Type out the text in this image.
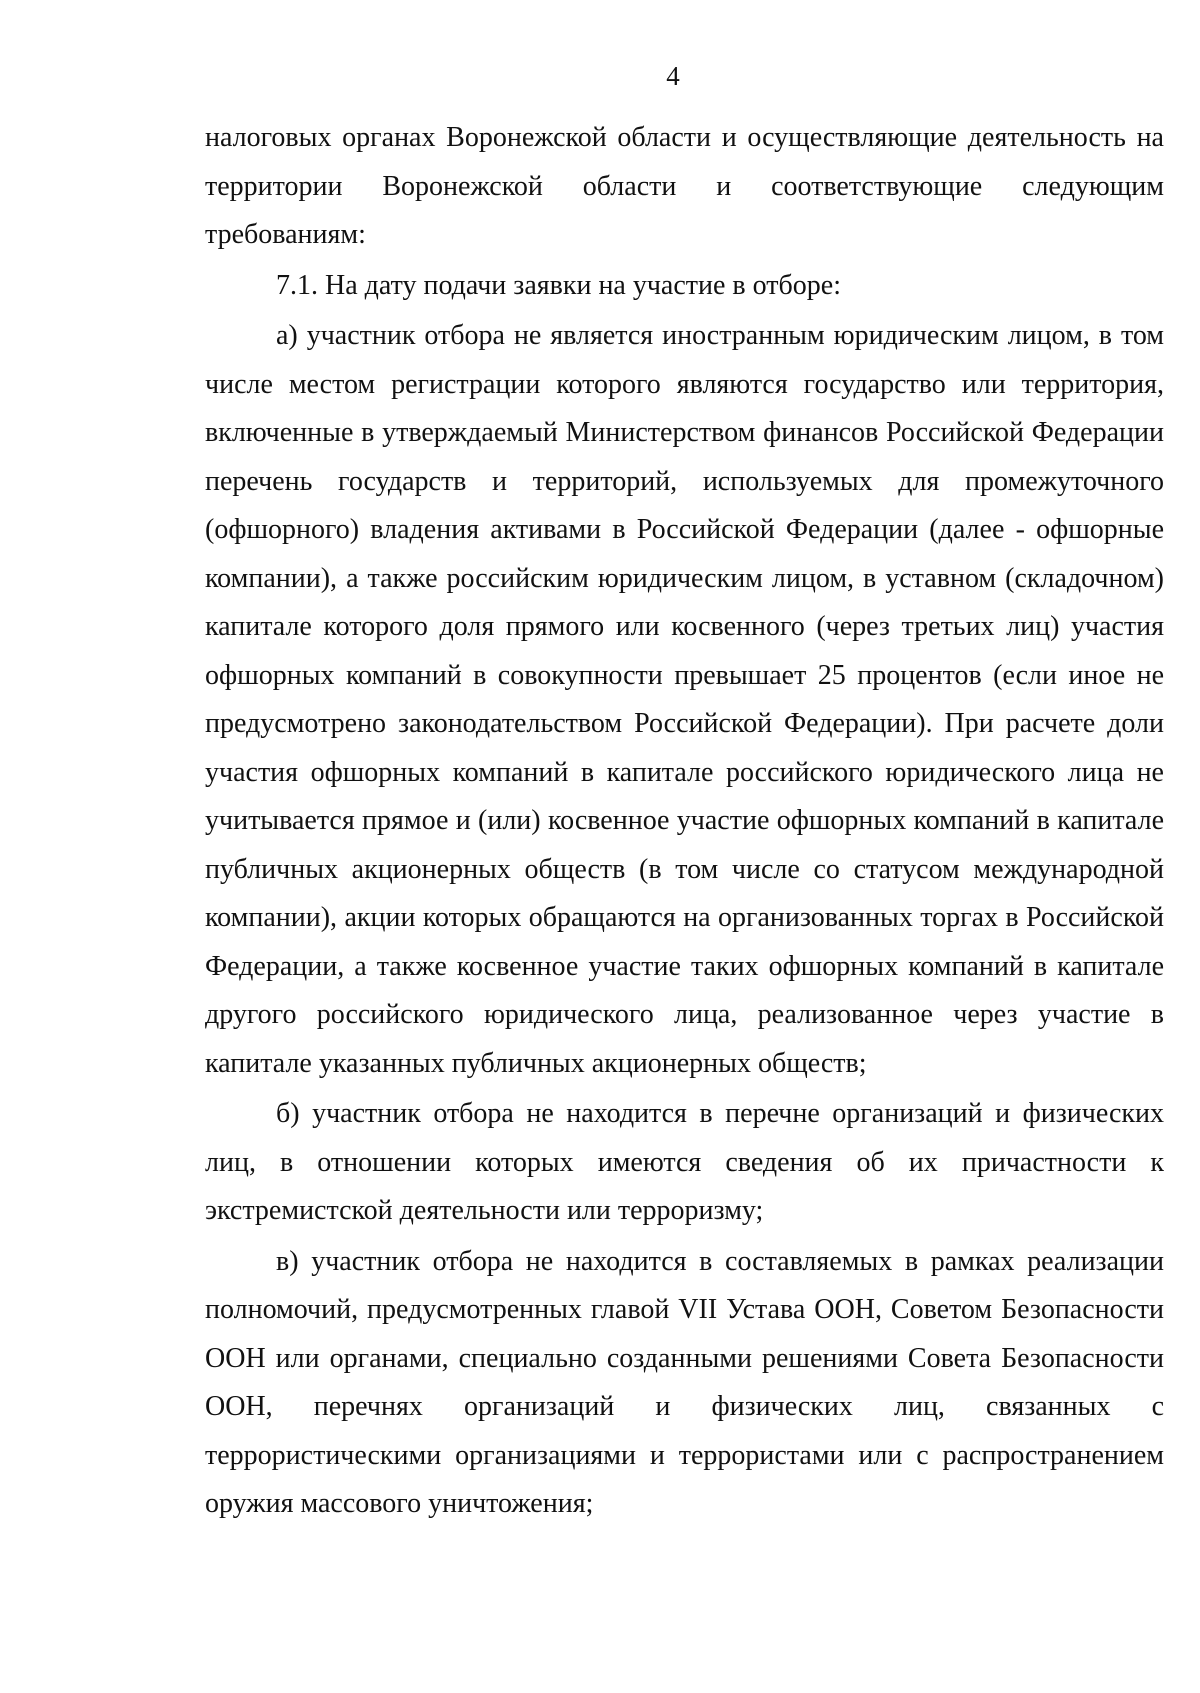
4

налоговых органах Воронежской области и осуществляющие деятельность на территории Воронежской области и соответствующие следующим требованиям:

7.1. На дату подачи заявки на участие в отборе:

а) участник отбора не является иностранным юридическим лицом, в том числе местом регистрации которого являются государство или территория, включенные в утверждаемый Министерством финансов Российской Федерации перечень государств и территорий, используемых для промежуточного (офшорного) владения активами в Российской Федерации (далее - офшорные компании), а также российским юридическим лицом, в уставном (складочном) капитале которого доля прямого или косвенного (через третьих лиц) участия офшорных компаний в совокупности превышает 25 процентов (если иное не предусмотрено законодательством Российской Федерации). При расчете доли участия офшорных компаний в капитале российского юридического лица не учитывается прямое и (или) косвенное участие офшорных компаний в капитале публичных акционерных обществ (в том числе со статусом международной компании), акции которых обращаются на организованных торгах в Российской Федерации, а также косвенное участие таких офшорных компаний в капитале другого российского юридического лица, реализованное через участие в капитале указанных публичных акционерных обществ;

б) участник отбора не находится в перечне организаций и физических лиц, в отношении которых имеются сведения об их причастности к экстремистской деятельности или терроризму;

в) участник отбора не находится в составляемых в рамках реализации полномочий, предусмотренных главой VII Устава ООН, Советом Безопасности ООН или органами, специально созданными решениями Совета Безопасности ООН, перечнях организаций и физических лиц, связанных с террористическими организациями и террористами или с распространением оружия массового уничтожения;
